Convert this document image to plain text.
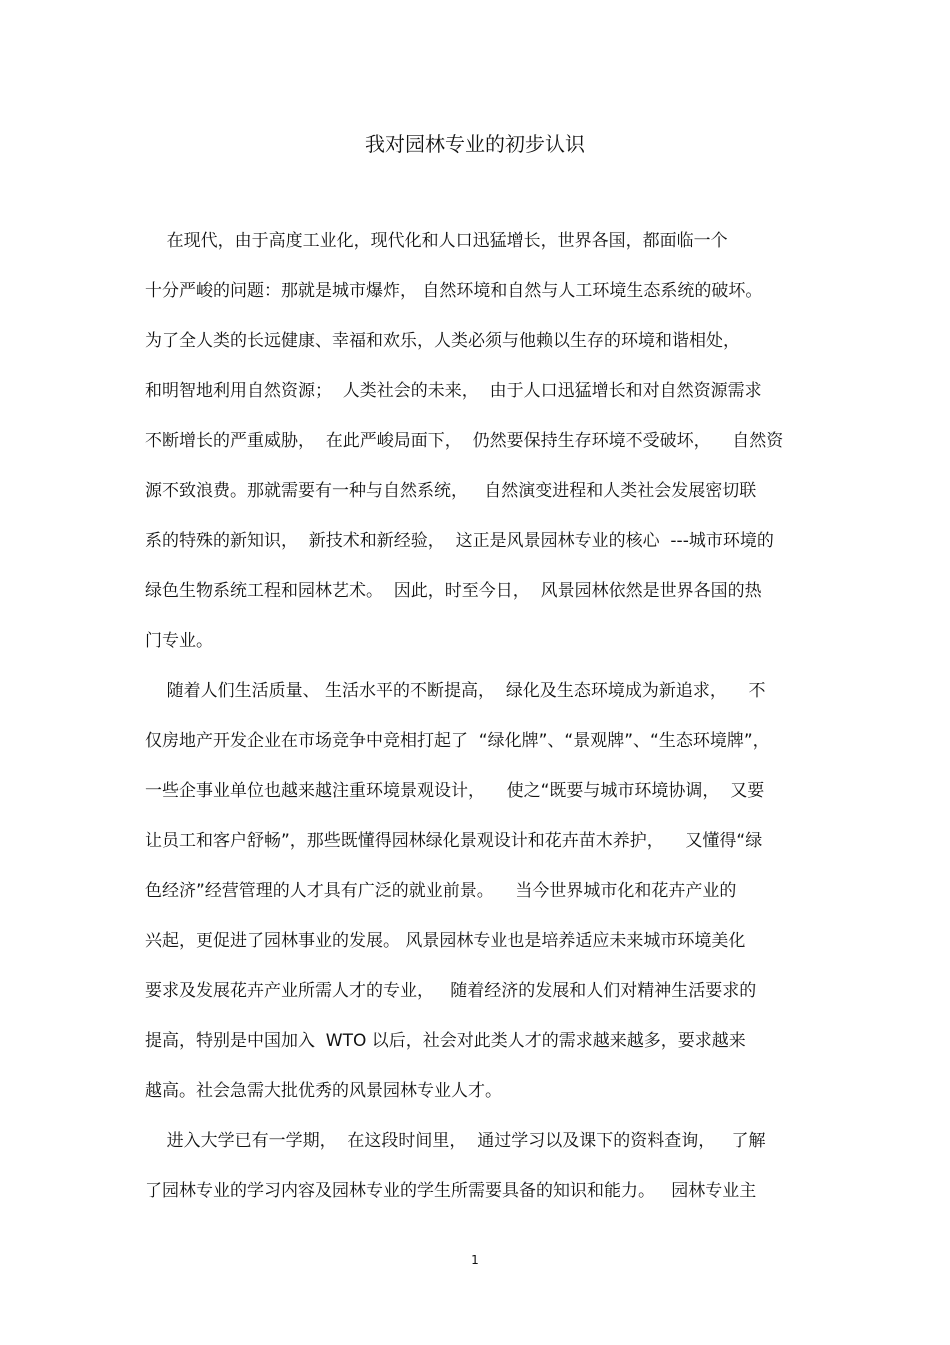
我对园林专业的初步认识
在现代，由于高度工业化，现代化和人口迅猛增长，世界各国，都面临一个
十分严峻的问题：那就是城市爆炸， 自然环境和自然与人工环境生态系统的破坏。
为了全人类的长远健康、幸福和欢乐，人类必须与他赖以生存的环境和谐相处，
和明智地利用自然资源；  人类社会的未来，  由于人口迅猛增长和对自然资源需求
不断增长的严重威胁，  在此严峻局面下，  仍然要保持生存环境不受破坏，    自然资
源不致浪费。那就需要有一种与自然系统，   自然演变进程和人类社会发展密切联
系的特殊的新知识，  新技术和新经验，  这正是风景园林专业的核心  ---城市环境的
绿色生物系统工程和园林艺术。  因此，时至今日，  风景园林依然是世界各国的热
门专业。
随着人们生活质量、 生活水平的不断提高，  绿化及生态环境成为新追求，    不
仅房地产开发企业在市场竞争中竞相打起了  “绿化牌”、“景观牌”、“生态环境牌”，
一些企事业单位也越来越注重环境景观设计，    使之“既要与城市环境协调，  又要
让员工和客户舒畅”，那些既懂得园林绿化景观设计和花卉苗木养护，    又懂得“绿
色经济”经营管理的人才具有广泛的就业前景。    当今世界城市化和花卉产业的
兴起，更促进了园林事业的发展。 风景园林专业也是培养适应未来城市环境美化
要求及发展花卉产业所需人才的专业，   随着经济的发展和人们对精神生活要求的
提高，特别是中国加入  WTO 以后，社会对此类人才的需求越来越多，要求越来
越高。社会急需大批优秀的风景园林专业人才。
进入大学已有一学期，  在这段时间里，  通过学习以及课下的资料查询，   了解
了园林专业的学习内容及园林专业的学生所需要具备的知识和能力。   园林专业主
1
